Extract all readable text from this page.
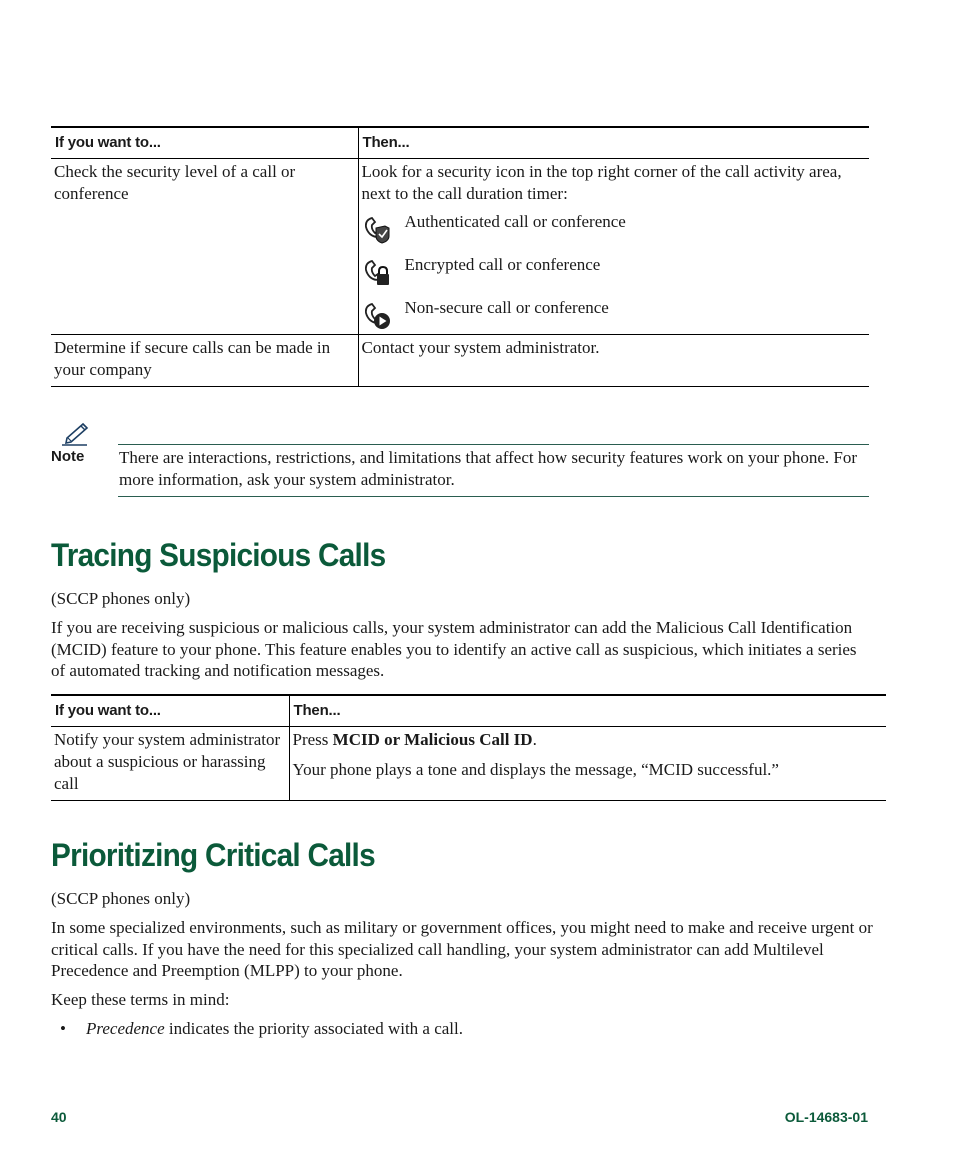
If you want to...	Then...
Check the security level of a call or conference	Look for a security icon in the top right corner of the call activity area, next to the call duration timer:
Authenticated call or conference
Encrypted call or conference
Non-secure call or conference

Determine if secure calls can be made in your company	Contact your system administrator.
Note There are interactions, restrictions, and limitations that affect how security features work on your phone. For more information, ask your system administrator.
Tracing Suspicious Calls

(SCCP phones only)

If you are receiving suspicious or malicious calls, your system administrator can add the Malicious Call Identification (MCID) feature to your phone. This feature enables you to identify an active call as suspicious, which initiates a series of automated tracking and notification messages.

If you want to...	Then...
Notify your system administrator about a suspicious or harassing call	Press MCID or Malicious Call ID.
Your phone plays a tone and displays the message, “MCID successful.”
Prioritizing Critical Calls

(SCCP phones only)

In some specialized environments, such as military or government offices, you might need to make and receive urgent or critical calls. If you have the need for this specialized call handling, your system administrator can add Multilevel Precedence and Preemption (MLPP) to your phone.

Keep these terms in mind:

• Precedence indicates the priority associated with a call.
40	OL-14683-01
